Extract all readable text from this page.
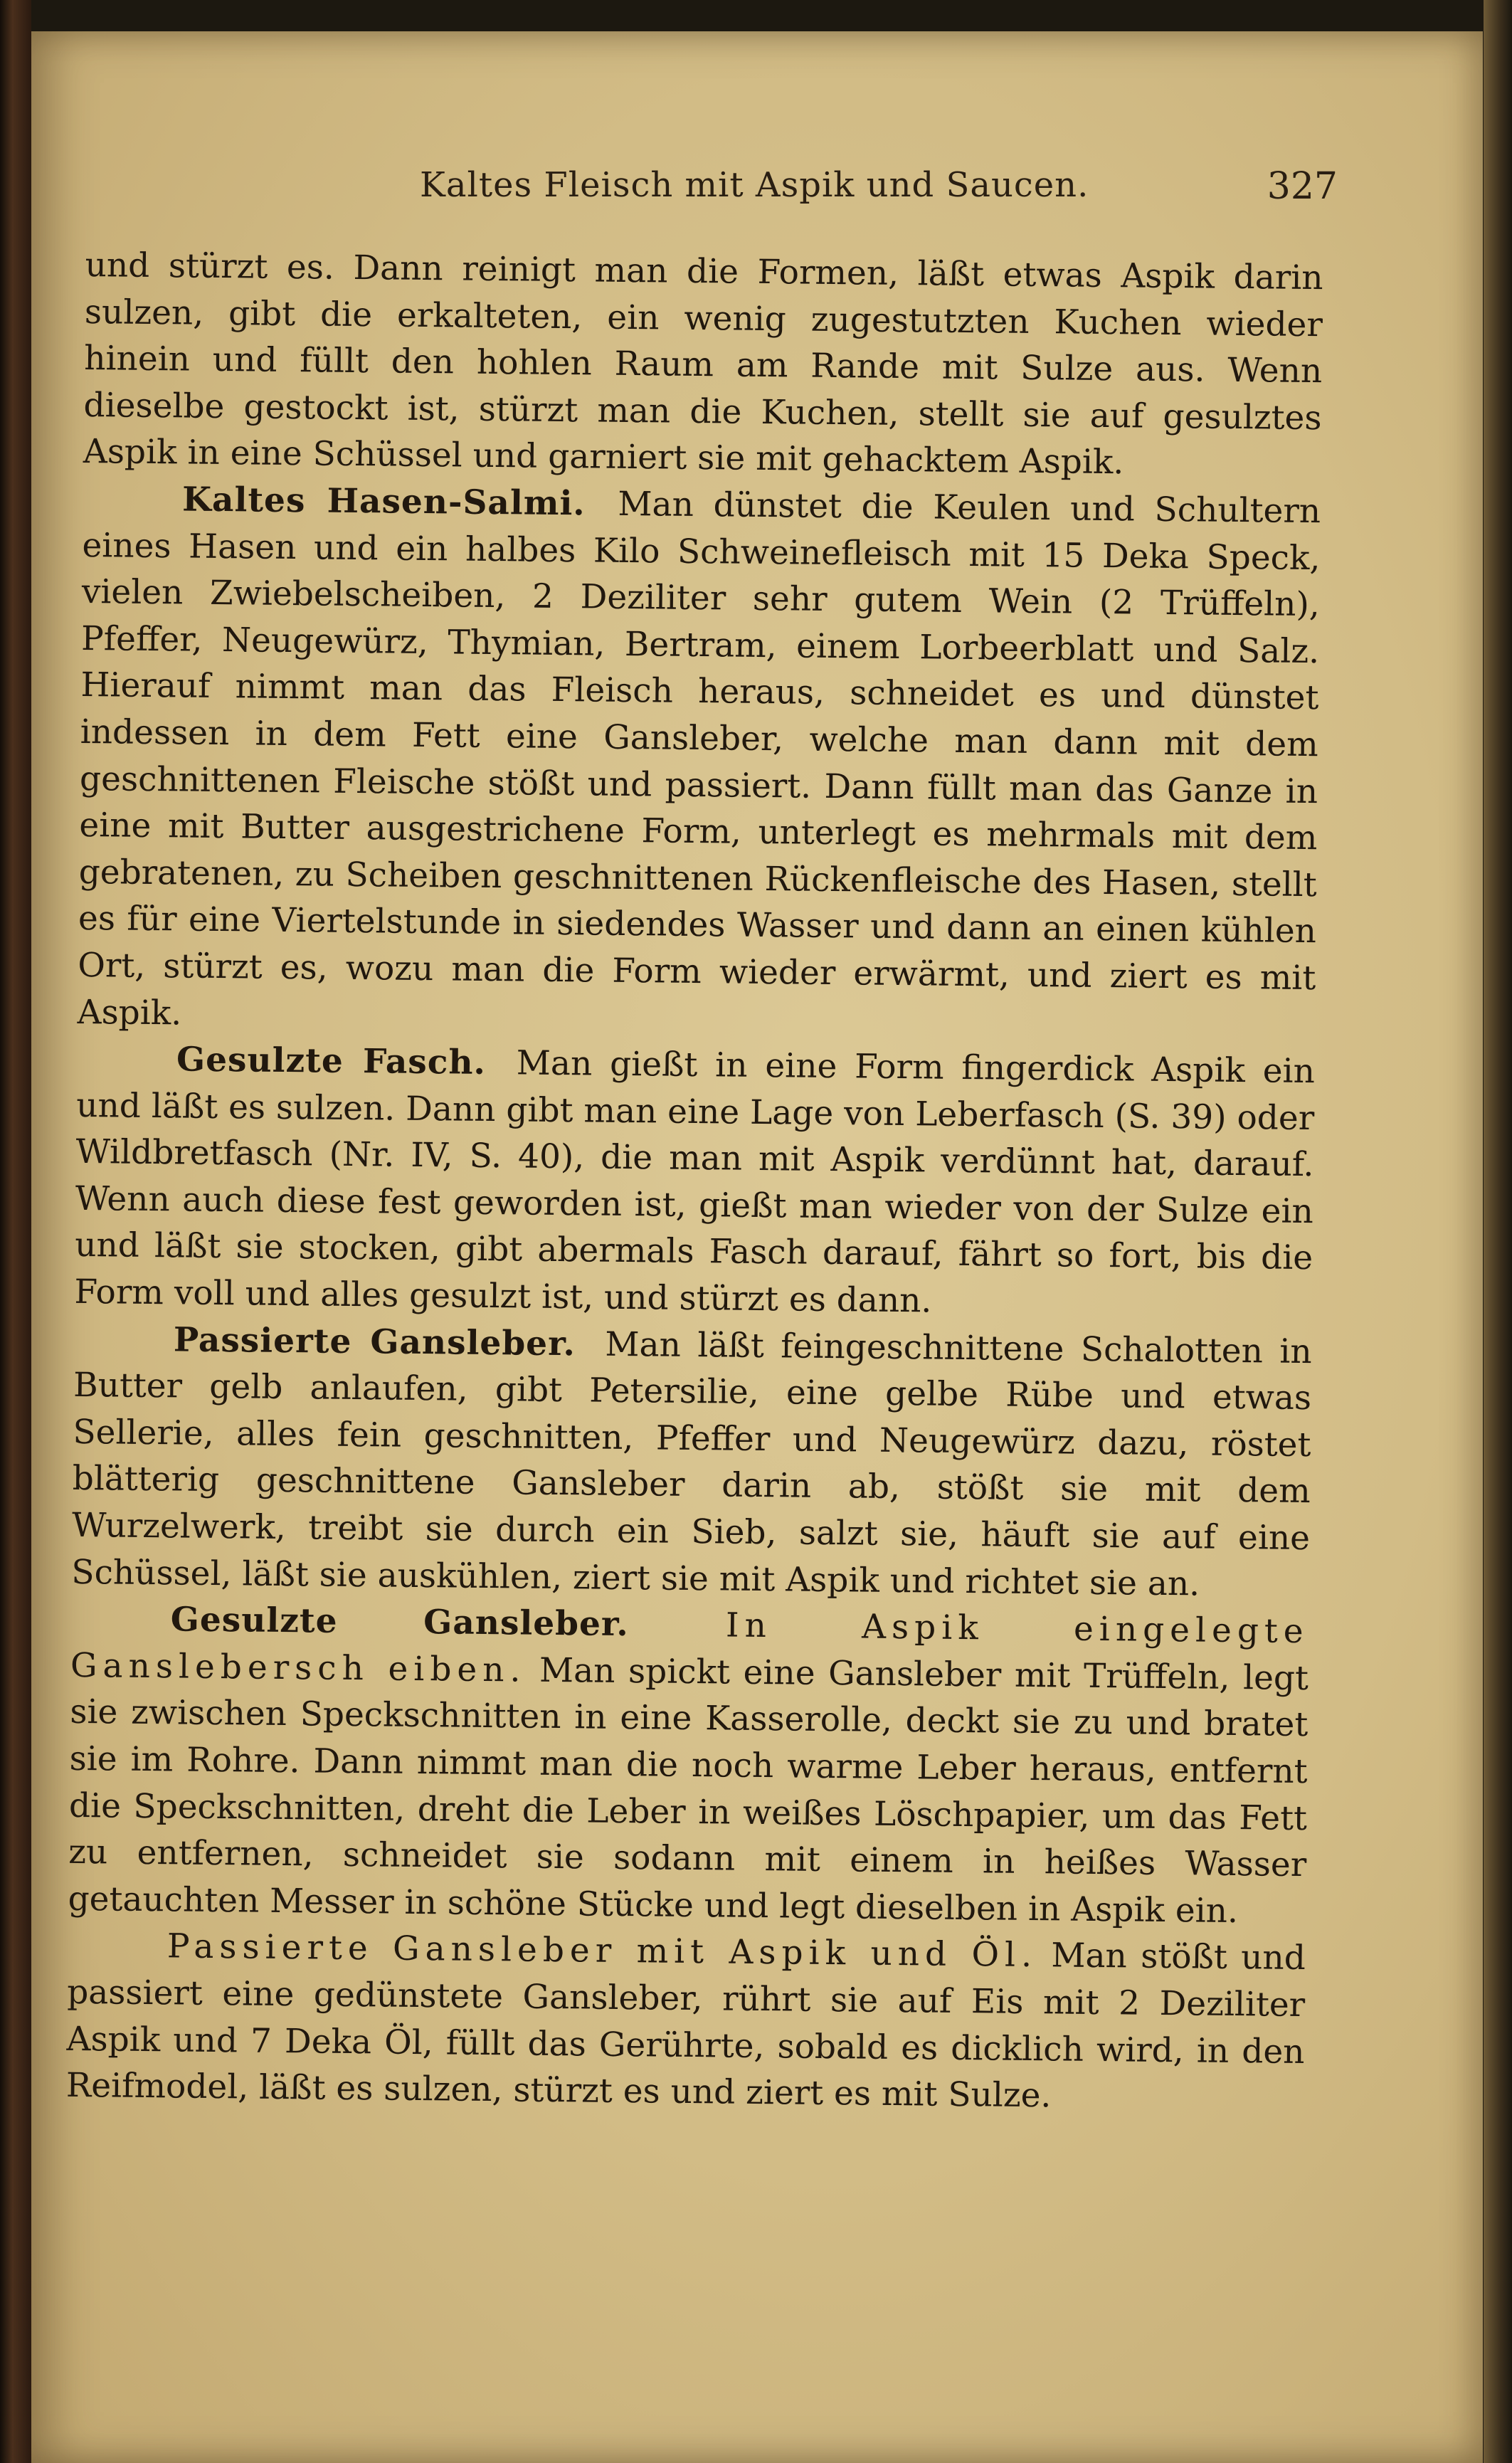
Kaltes Fleisch mit Aspik und Saucen.	327

und stürzt es. Dann reinigt man die Formen, läßt etwas Aspik darin sulzen, gibt die erkalteten, ein wenig zugestutzten Kuchen wieder hinein und füllt den hohlen Raum am Rande mit Sulze aus. Wenn dieselbe gestockt ist, stürzt man die Kuchen, stellt sie auf gesulztes Aspik in eine Schüssel und garniert sie mit gehacktem Aspik.

Kaltes Hasen-Salmi. Man dünstet die Keulen und Schultern eines Hasen und ein halbes Kilo Schweinefleisch mit 15 Deka Speck, vielen Zwiebelscheiben, 2 Deziliter sehr gutem Wein (2 Trüffeln), Pfeffer, Neugewürz, Thymian, Bertram, einem Lorbeerblatt und Salz. Hierauf nimmt man das Fleisch heraus, schneidet es und dünstet indessen in dem Fett eine Gansleber, welche man dann mit dem geschnittenen Fleische stößt und passiert. Dann füllt man das Ganze in eine mit Butter ausgestrichene Form, unterlegt es mehrmals mit dem gebratenen, zu Scheiben geschnittenen Rückenfleische des Hasen, stellt es für eine Viertelstunde in siedendes Wasser und dann an einen kühlen Ort, stürzt es, wozu man die Form wieder erwärmt, und ziert es mit Aspik.

Gesulzte Fasch. Man gießt in eine Form fingerdick Aspik ein und läßt es sulzen. Dann gibt man eine Lage von Leberfasch (S. 39) oder Wildbretfasch (Nr. IV, S. 40), die man mit Aspik verdünnt hat, darauf. Wenn auch diese fest geworden ist, gießt man wieder von der Sulze ein und läßt sie stocken, gibt abermals Fasch darauf, fährt so fort, bis die Form voll und alles gesulzt ist, und stürzt es dann.

Passierte Gansleber. Man läßt feingeschnittene Schalotten in Butter gelb anlaufen, gibt Petersilie, eine gelbe Rübe und etwas Sellerie, alles fein geschnitten, Pfeffer und Neugewürz dazu, röstet blätterig geschnittene Gansleber darin ab, stößt sie mit dem Wurzelwerk, treibt sie durch ein Sieb, salzt sie, häuft sie auf eine Schüssel, läßt sie auskühlen, ziert sie mit Aspik und richtet sie an.

Gesulzte Gansleber.	In Aspik eingelegte Ganslebersch eiben. Man spickt eine Gansleber mit Trüffeln, legt sie zwischen Speckschnitten in eine Kasserolle, deckt sie zu und bratet sie im Rohre. Dann nimmt man die noch warme Leber heraus, entfernt die Speckschnitten, dreht die Leber in weißes Löschpapier, um das Fett zu entfernen, schneidet sie sodann mit einem in heißes Wasser getauchten Messer in schöne Stücke und legt dieselben in Aspik ein.

Passierte Gansleber mit Aspik und Öl. Man stößt und passiert eine gedünstete Gansleber, rührt sie auf Eis mit 2 Deziliter Aspik und 7 Deka Öl, füllt das Gerührte, sobald es dicklich wird, in den Reifmodel, läßt es sulzen, stürzt es und ziert es mit Sulze.
